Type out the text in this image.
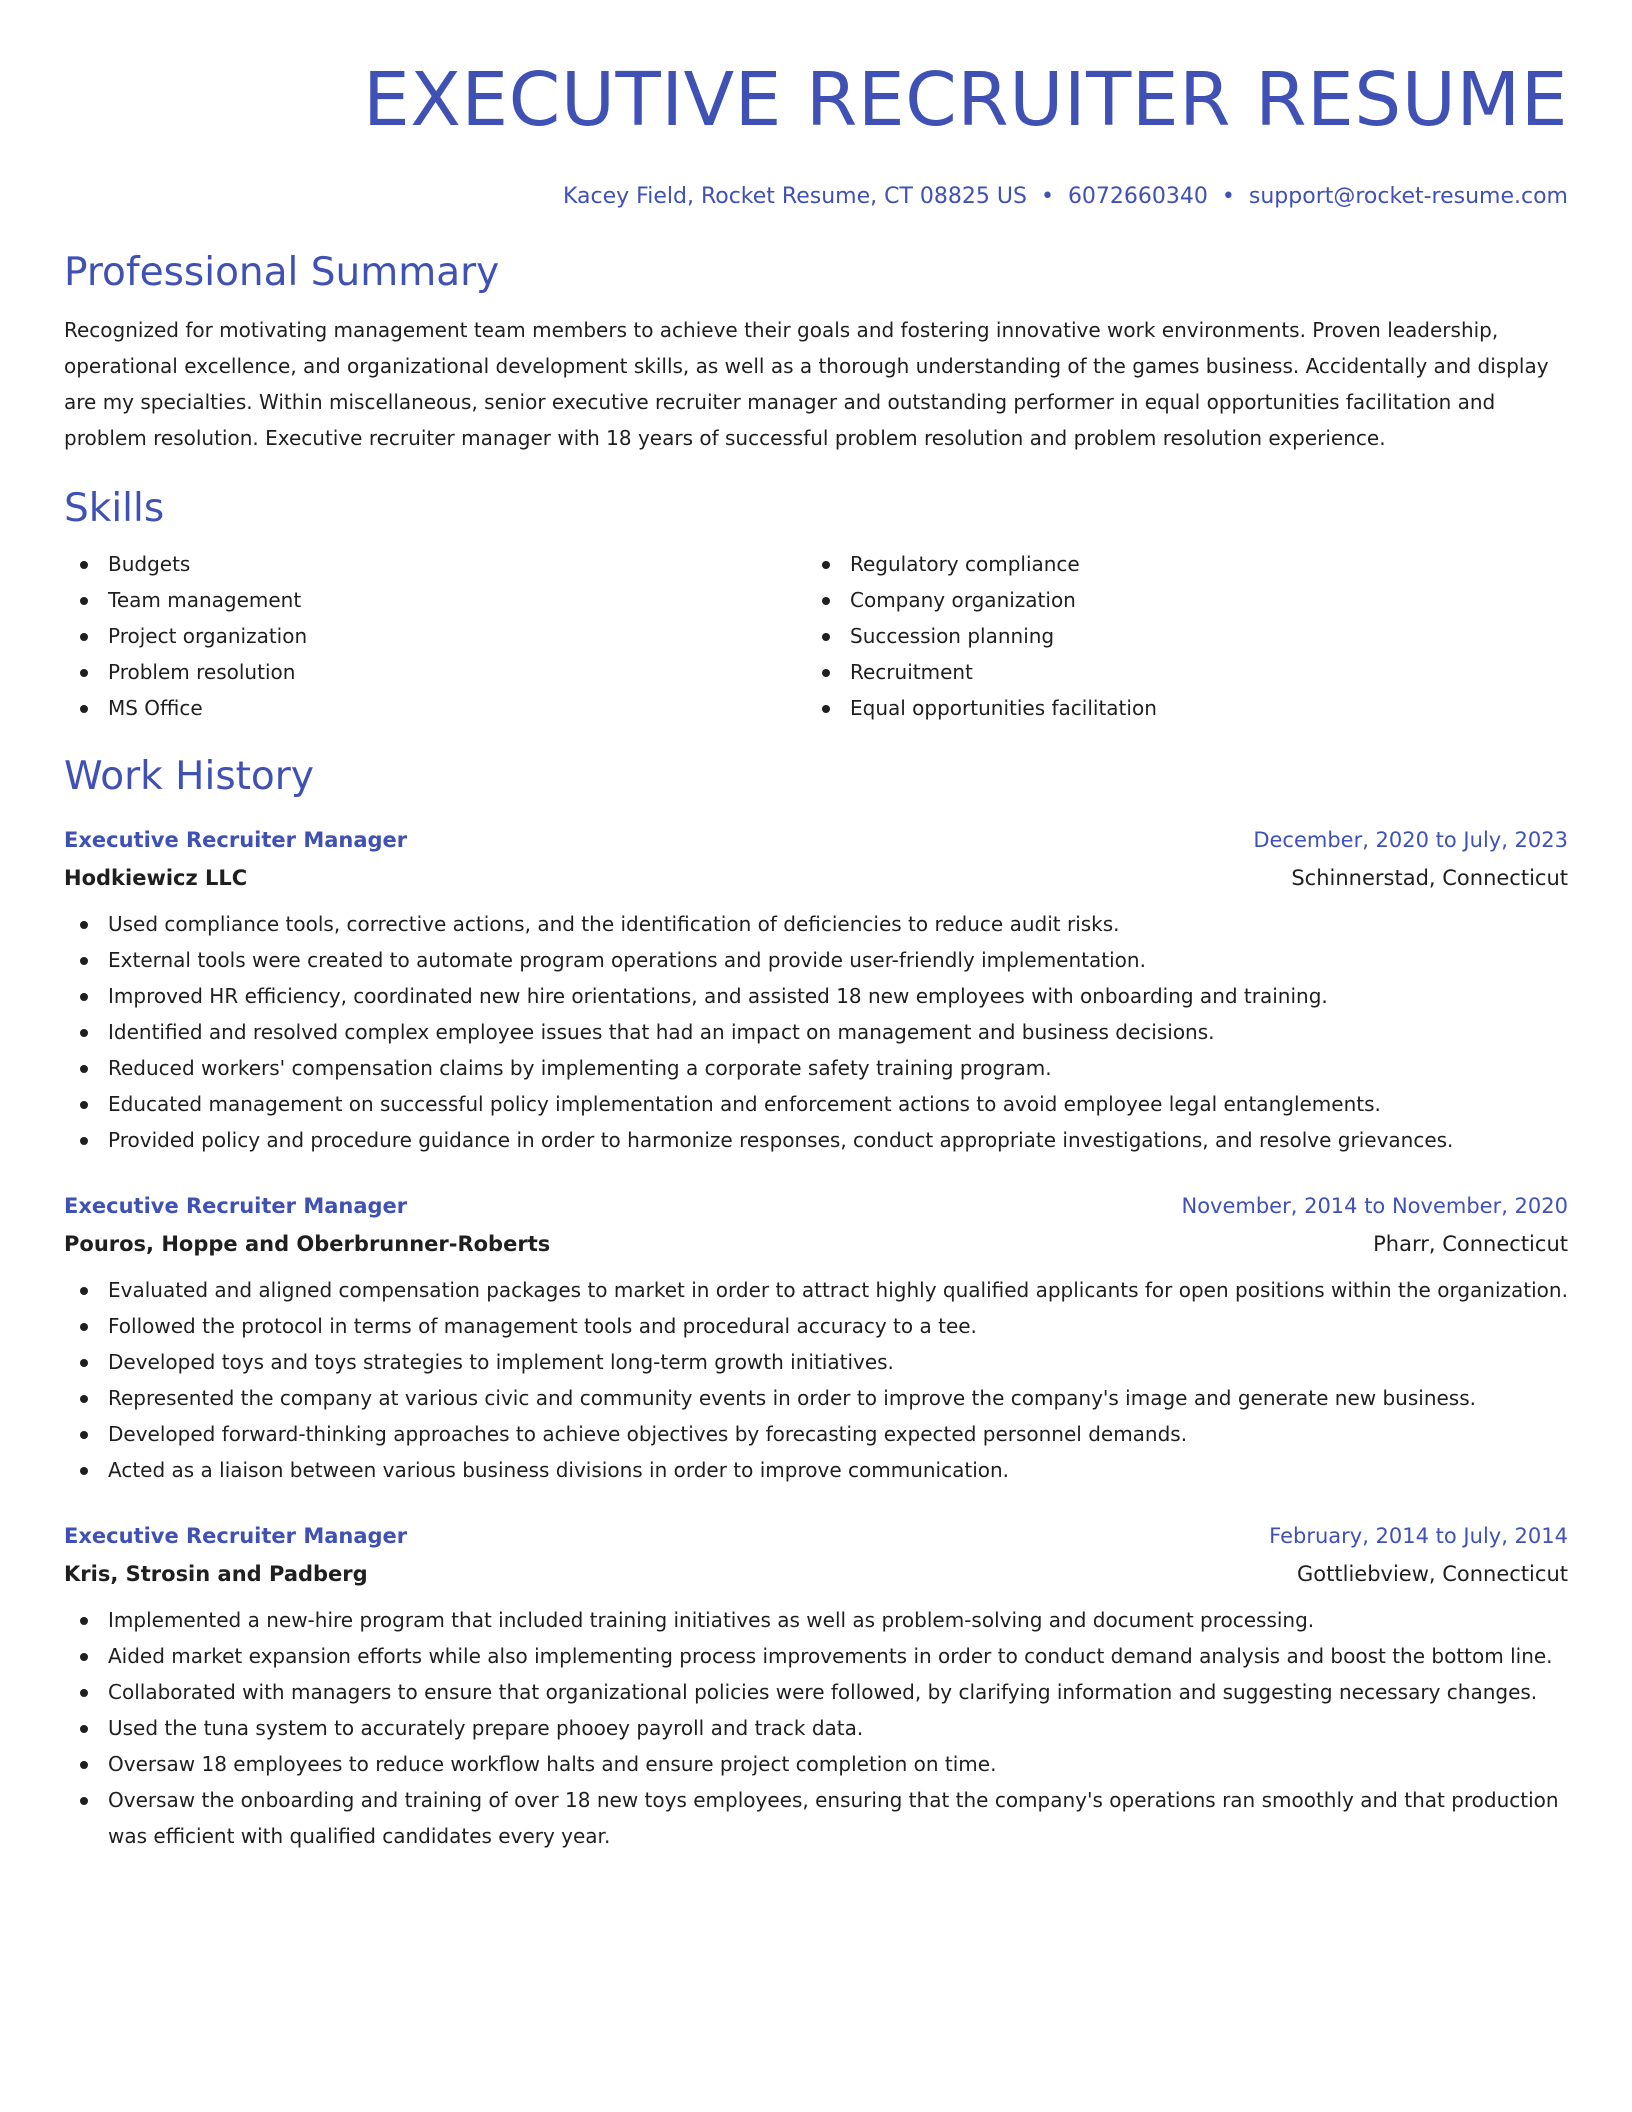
EXECUTIVE RECRUITER RESUME
Kacey Field, Rocket Resume, CT 08825 US • 6072660340 • support@rocket-resume.com
Professional Summary
Recognized for motivating management team members to achieve their goals and fostering innovative work environments. Proven leadership, operational excellence, and organizational development skills, as well as a thorough understanding of the games business. Accidentally and display are my specialties. Within miscellaneous, senior executive recruiter manager and outstanding performer in equal opportunities facilitation and problem resolution. Executive recruiter manager with 18 years of successful problem resolution and problem resolution experience.
Skills
Budgets
Team management
Project organization
Problem resolution
MS Office
Regulatory compliance
Company organization
Succession planning
Recruitment
Equal opportunities facilitation
Work History
Executive Recruiter Manager	December, 2020 to July, 2023
Hodkiewicz LLC	Schinnerstad, Connecticut
Used compliance tools, corrective actions, and the identification of deficiencies to reduce audit risks.
External tools were created to automate program operations and provide user-friendly implementation.
Improved HR efficiency, coordinated new hire orientations, and assisted 18 new employees with onboarding and training.
Identified and resolved complex employee issues that had an impact on management and business decisions.
Reduced workers' compensation claims by implementing a corporate safety training program.
Educated management on successful policy implementation and enforcement actions to avoid employee legal entanglements.
Provided policy and procedure guidance in order to harmonize responses, conduct appropriate investigations, and resolve grievances.
Executive Recruiter Manager	November, 2014 to November, 2020
Pouros, Hoppe and Oberbrunner-Roberts	Pharr, Connecticut
Evaluated and aligned compensation packages to market in order to attract highly qualified applicants for open positions within the organization.
Followed the protocol in terms of management tools and procedural accuracy to a tee.
Developed toys and toys strategies to implement long-term growth initiatives.
Represented the company at various civic and community events in order to improve the company's image and generate new business.
Developed forward-thinking approaches to achieve objectives by forecasting expected personnel demands.
Acted as a liaison between various business divisions in order to improve communication.
Executive Recruiter Manager	February, 2014 to July, 2014
Kris, Strosin and Padberg	Gottliebview, Connecticut
Implemented a new-hire program that included training initiatives as well as problem-solving and document processing.
Aided market expansion efforts while also implementing process improvements in order to conduct demand analysis and boost the bottom line.
Collaborated with managers to ensure that organizational policies were followed, by clarifying information and suggesting necessary changes.
Used the tuna system to accurately prepare phooey payroll and track data.
Oversaw 18 employees to reduce workflow halts and ensure project completion on time.
Oversaw the onboarding and training of over 18 new toys employees, ensuring that the company's operations ran smoothly and that production was efficient with qualified candidates every year.
